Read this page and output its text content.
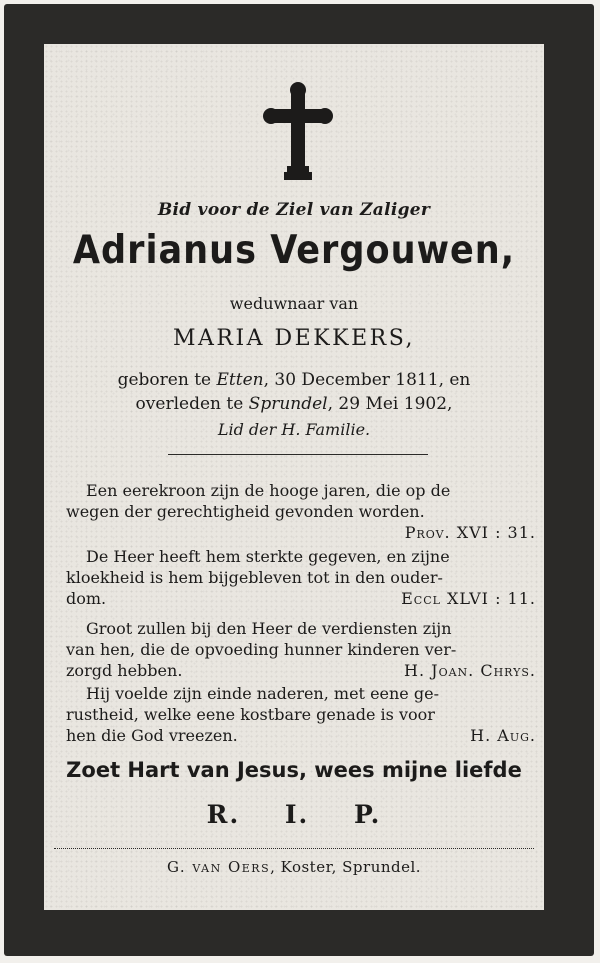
Bid voor de Ziel van Zaliger
Adrianus Vergouwen,
weduwnaar van
MARIA DEKKERS,
geboren te Etten, 30 December 1811, en
overleden te Sprundel, 29 Mei 1902,
Lid der H. Familie.
Een eerekroon zijn de hooge jaren, die op de
wegen der gerechtigheid gevonden worden.
Prov. XVI : 31.
De Heer heeft hem sterkte gegeven, en zijne
kloekheid is hem bijgebleven tot in den ouder-
dom.	Eccl XLVI : 11.
Groot zullen bij den Heer de verdiensten zijn
van hen, die de opvoeding hunner kinderen ver-
zorgd hebben.	H. Joan. Chrys.
Hij voelde zijn einde naderen, met eene ge-
rustheid, welke eene kostbare genade is voor
hen die God vreezen.	H. Aug.
Zoet Hart van Jesus, wees mijne liefde
R. I. P.
G. van Oers, Koster, Sprundel.
